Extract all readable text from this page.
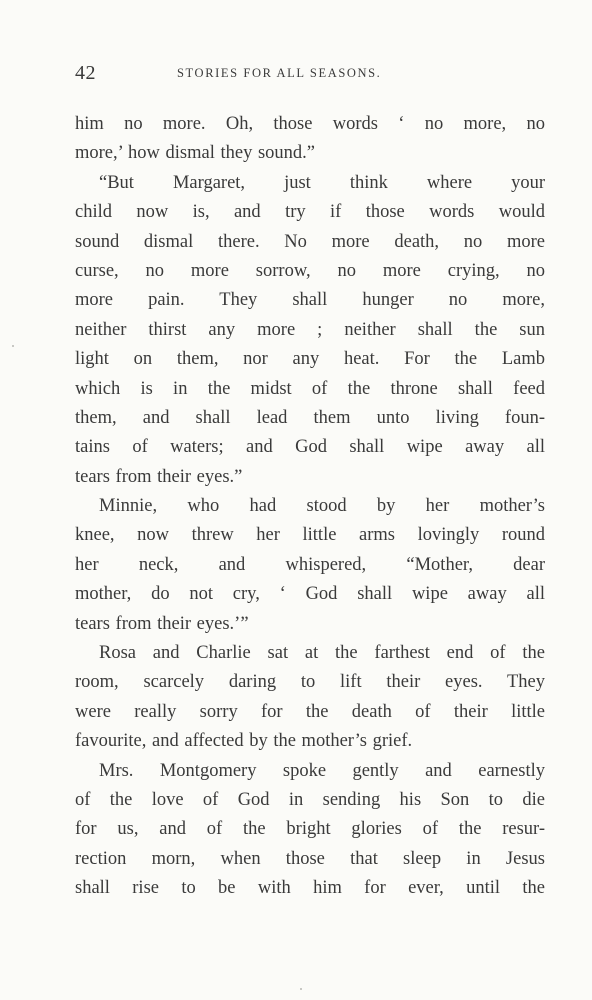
42	STORIES FOR ALL SEASONS.
him no more. Oh, those words ‘ no more, no
more,’ how dismal they sound.”
“But Margaret, just think where your
child now is, and try if those words would
sound dismal there. No more death, no more
curse, no more sorrow, no more crying, no
more pain. They shall hunger no more,
neither thirst any more ; neither shall the sun
light on them, nor any heat. For the Lamb
which is in the midst of the throne shall feed
them, and shall lead them unto living foun-
tains of waters; and God shall wipe away all
tears from their eyes.”
Minnie, who had stood by her mother’s
knee, now threw her little arms lovingly round
her neck, and whispered, “Mother, dear
mother, do not cry, ‘ God shall wipe away all
tears from their eyes.’”
Rosa and Charlie sat at the farthest end of the
room, scarcely daring to lift their eyes. They
were really sorry for the death of their little
favourite, and affected by the mother’s grief.
Mrs. Montgomery spoke gently and earnestly
of the love of God in sending his Son to die
for us, and of the bright glories of the resur-
rection morn, when those that sleep in Jesus
shall rise to be with him for ever, until the
